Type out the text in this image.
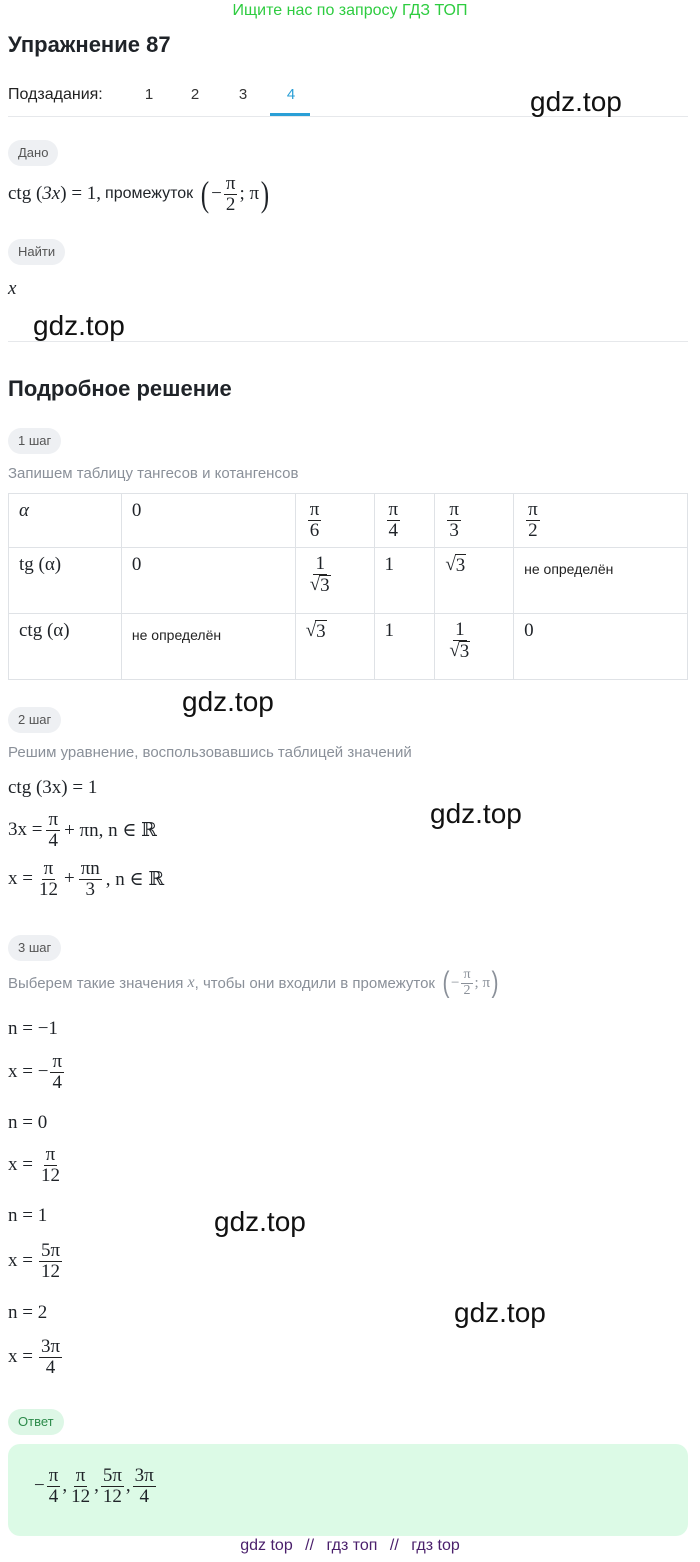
Ищите нас по запросу ГДЗ ТОП
Упражнение 87
Подзадания:	1	2	3	4	gdz.top
Дано
ctg ( 3x ) = 1, промежуток ( − $\frac{\pi}{2}$ ; π )
Найти
x
gdz.top
Подробное решение
1 шаг
Запишем таблицу тангесов и котангенсов
α	0	$\frac{\pi}{6}$	$\frac{\pi}{4}$	$\frac{\pi}{3}$	$\frac{\pi}{2}$

tg (α)	0	$\frac{1}{√ 3}$	1	√ 3	не определён

ctg (α)	не определён	√ 3	1	$\frac{1}{√ 3}$	0
gdz.top
2 шаг
Решим уравнение, воспользовавшись таблицей значений
ctg (3x) = 1
$3x = \frac{\pi}{4} + \pi n$, n ∈ ℝ
$x = \frac{\pi}{12} + \frac{\pi n}{3}$ , n ∈ ℝ
gdz.top
3 шаг
Выберем такие значения
x , чтобы они входили в промежуток ( − $\frac{\pi}{2}$ ; π )
n = −1
x = − $\frac{\pi}{4}$
n = 0
$x = \frac{\pi}{12}$
n = 1
$x = \frac{5\pi}{12}$
n = 2
$x = \frac{3\pi}{4}$
gdz.top
gdz.top
Ответ
− $\frac{\pi}{4}$ , $\frac{\pi}{12}$ , $\frac{5\pi}{12}$ , $\frac{3\pi}{4}$
gdz top // гдз топ // гдз top
